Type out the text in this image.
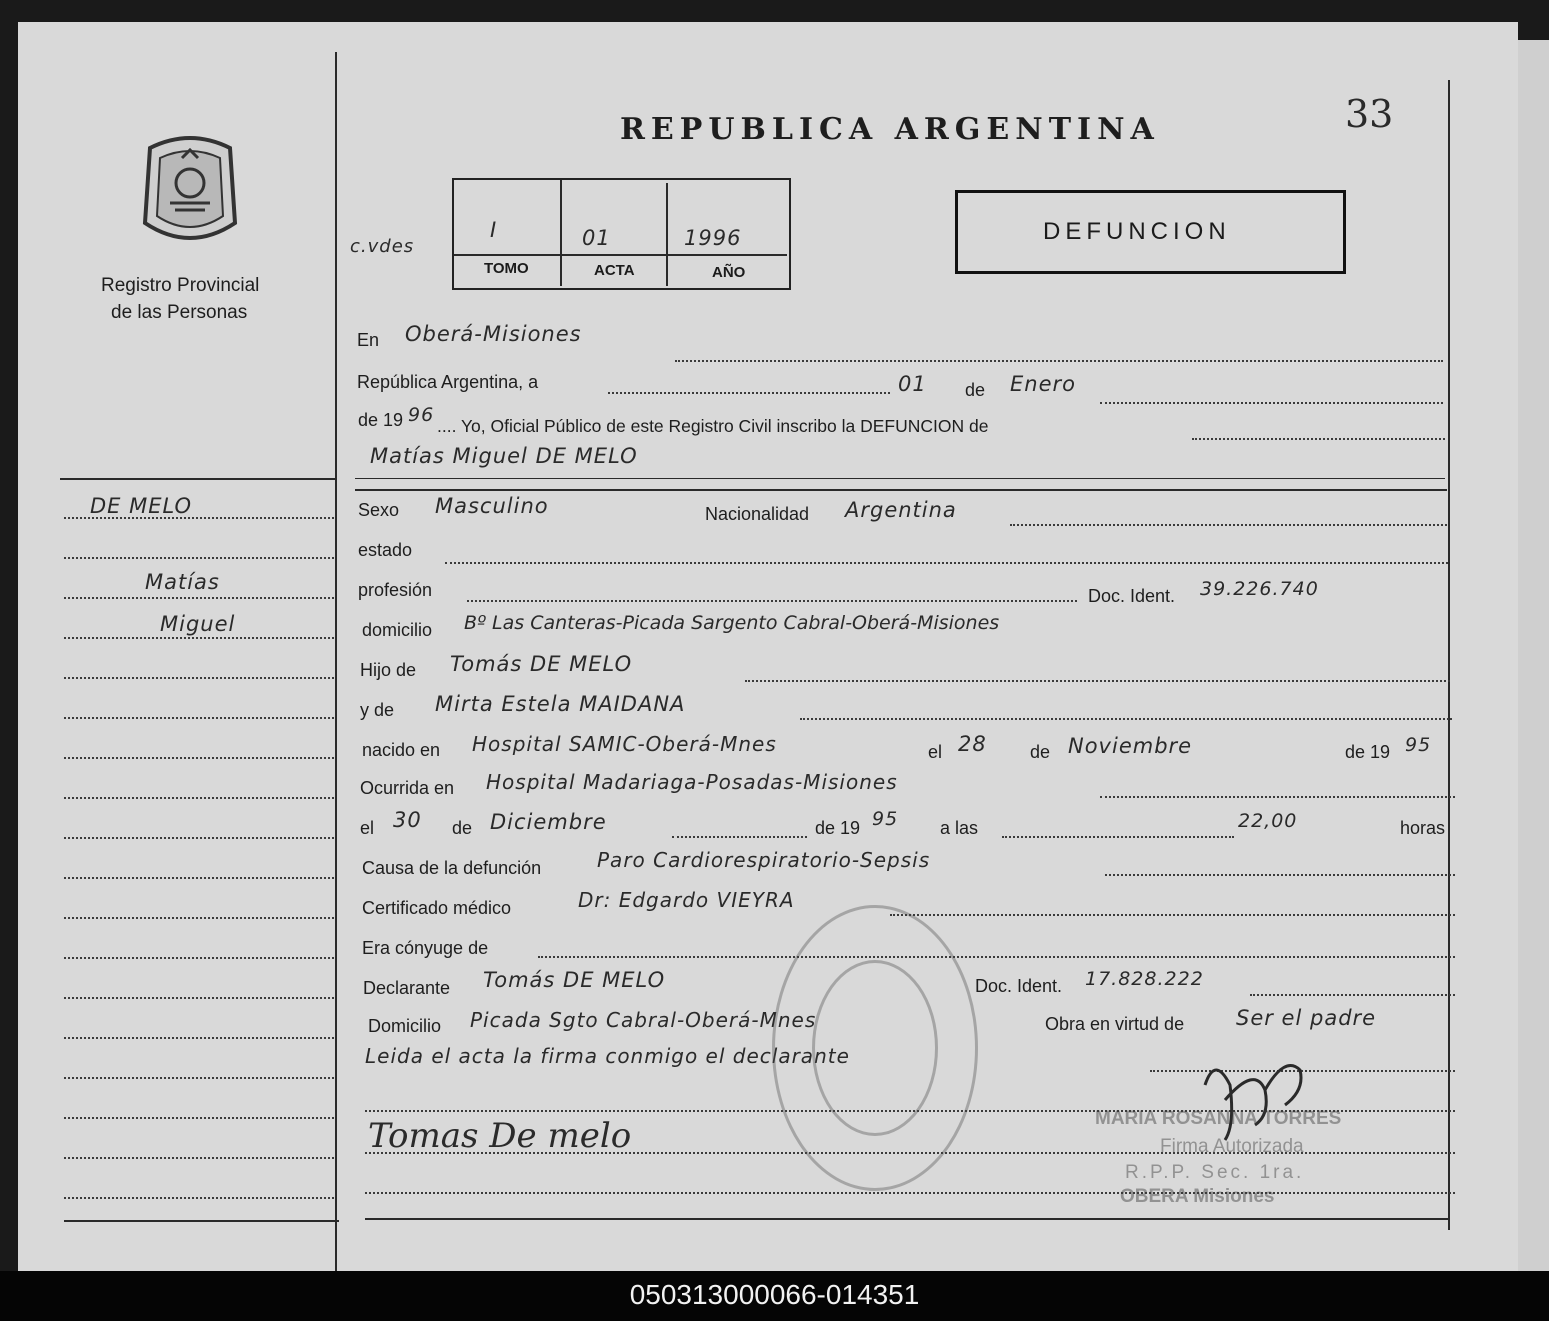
Registro Provincial
de las Personas
REPUBLICA ARGENTINA	33
c.vdes
I	01	1996
TOMO	ACTA	AÑO
DEFUNCION
DE MELO
Matías
Miguel
En Oberá-Misiones
República Argentina, a	01 de Enero
de 19 96 .... Yo, Oficial Público de este Registro Civil inscribo la DEFUNCION de
Matías Miguel DE MELO
Sexo Masculino	Nacionalidad Argentina
estado
profesión	Doc. Ident. 39.226.740
domicilio Bº Las Canteras-Picada Sargento Cabral-Oberá-Misiones
Hijo de Tomás DE MELO
y de Mirta Estela MAIDANA
nacido en Hospital SAMIC-Oberá-Mnes	el 28 de Noviembre	de 19 95
Ocurrida en Hospital Madariaga-Posadas-Misiones
el 30 de Diciembre	de 19 95 a las	22,00	horas
Causa de la defunción	Paro Cardiorespiratorio-Sepsis
Certificado médico	Dr: Edgardo VIEYRA
Era cónyuge de
Declarante Tomás DE MELO	Doc. Ident. 17.828.222
Domicilio Picada Sgto Cabral-Oberá-Mnes	Obra en virtud de Ser el padre
Leida el acta la firma conmigo el declarante
Tomas De melo	MARIA ROSANNA TORRES
Firma Autorizada
R.P.P. Sec. 1ra.
OBERA Misiones
050313000066-014351
